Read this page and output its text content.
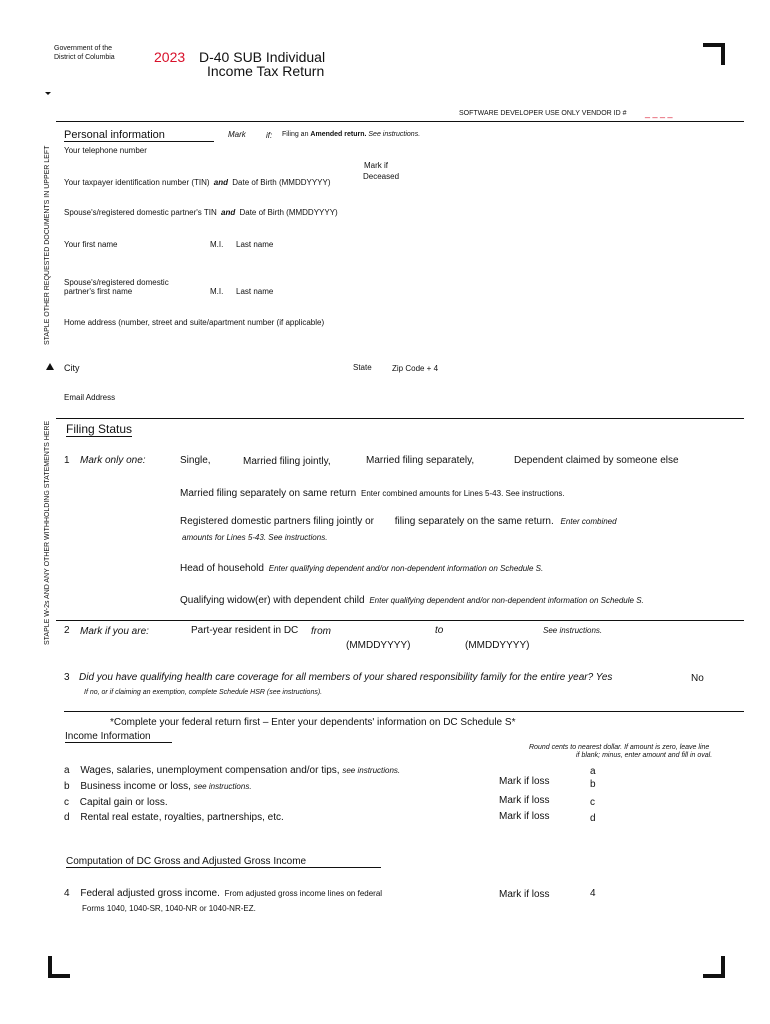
Government of the
District of Columbia	2023 D-40 SUB Individual
Income Tax Return
SOFTWARE DEVELOPER USE ONLY VENDOR ID # _ _ _ _
STAPLE OTHER REQUESTED DOCUMENTS IN UPPER LEFT
STAPLE W-2s AND ANY OTHER WITHHOLDING STATEMENTS HERE
Personal information	Mark	if: Filing an Amended return. See instructions.
Your telephone number
Mark if
Deceased
Your taxpayer identification number (TIN) and Date of Birth (MMDDYYYY)
Spouse's/registered domestic partner's TIN and Date of Birth (MMDDYYYY)
Your first name	M.I. Last name
Spouse's/registered domestic
partner's first name	M.I. Last name
Home address (number, street and suite/apartment number (if applicable)
City	State	Zip Code + 4
Email Address
Filing Status
1 Mark only one:	Single,	Married filing jointly,	Married filing separately,	Dependent claimed by someone else
Married filing separately on same return Enter combined amounts for Lines 5-43. See instructions.
Registered domestic partners filing jointly or filing separately on the same return. Enter combined
amounts for Lines 5-43. See instructions.
Head of household Enter qualifying dependent and/or non-dependent information on Schedule S.
Qualifying widow(er) with dependent child Enter qualifying dependent and/or non-dependent information on Schedule S.
2 Mark if you are:	Part-year resident in DC from	to	See instructions.
(MMDDYYYY)	(MMDDYYYY)
3 Did you have qualifying health care coverage for all members of your shared responsibility family for the entire year? Yes	No
If no, or if claiming an exemption, complete Schedule HSR (see instructions).
*Complete your federal return first – Enter your dependents' information on DC Schedule S*
Income Information
Round cents to nearest dollar. If amount is zero, leave line
if blank; minus, enter amount and fill in oval.
a Wages, salaries, unemployment compensation and/or tips, see instructions.	a
b Business income or loss, see instructions.	Mark if loss	b
c Capital gain or loss.	Mark if loss	c
d Rental real estate, royalties, partnerships, etc.	Mark if loss	d
Computation of DC Gross and Adjusted Gross Income
4 Federal adjusted gross income. From adjusted gross income lines on federal
Forms 1040, 1040-SR, 1040-NR or 1040-NR-EZ.
Mark if loss	4
